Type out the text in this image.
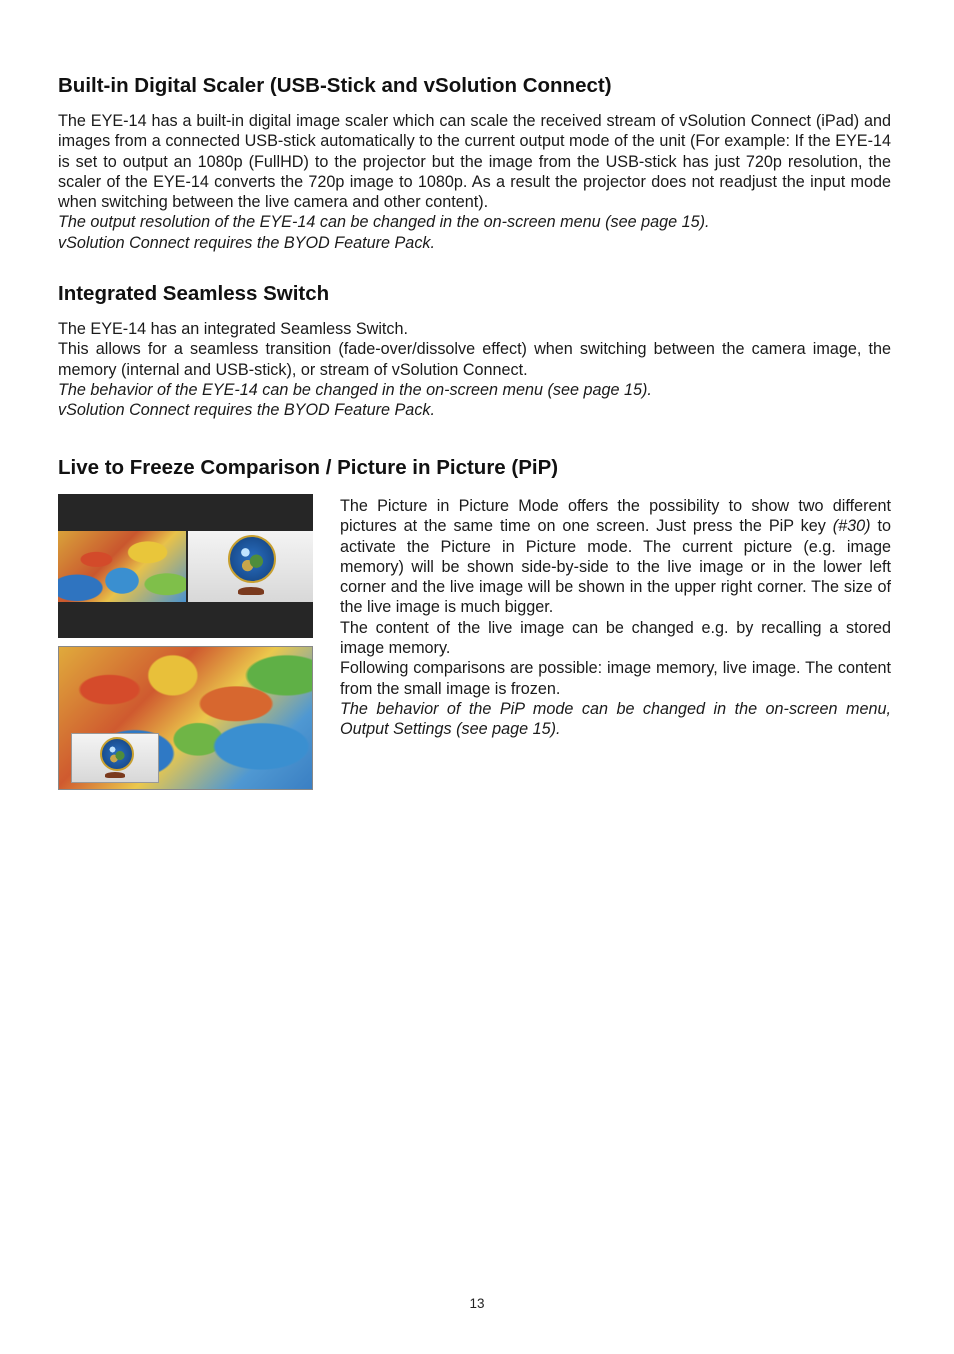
Built-in Digital Scaler (USB-Stick and vSolution Connect)

The EYE-14 has a built-in digital image scaler which can scale the received stream of vSolution Connect (iPad) and images from a connected USB-stick automatically to the current output mode of the unit (For example: If the EYE-14 is set to output an 1080p (FullHD) to the projector but the image from the USB-stick has just 720p resolution, the scaler of the EYE-14 converts the 720p image to 1080p. As a result the projector does not readjust the input mode when switching between the live camera and other content).

The output resolution of the EYE-14 can be changed in the on-screen menu (see page 15).

vSolution Connect requires the BYOD Feature Pack.

Integrated Seamless Switch

The EYE-14 has an integrated Seamless Switch.

This allows for a seamless transition (fade-over/dissolve effect) when switching between the camera image, the memory (internal and USB-stick), or stream of vSolution Connect.

The behavior of the EYE-14 can be changed in the on-screen menu (see page 15).

vSolution Connect requires the BYOD Feature Pack.

Live to Freeze Comparison / Picture in Picture (PiP)

The Picture in Picture Mode offers the possibility to show two different pictures at the same time on one screen. Just press the PiP key (#30) to activate the Picture in Picture mode. The current picture (e.g. image memory) will be shown side-by-side to the live image or in the lower left corner and the live image will be shown in the upper right corner. The size of the live image is much bigger.

The content of the live image can be changed e.g. by recalling a stored image memory.

Following comparisons are possible: image memory, live image. The content from the small image is frozen.

The behavior of the PiP mode can be changed in the on-screen menu, Output Settings (see page 15).

13
